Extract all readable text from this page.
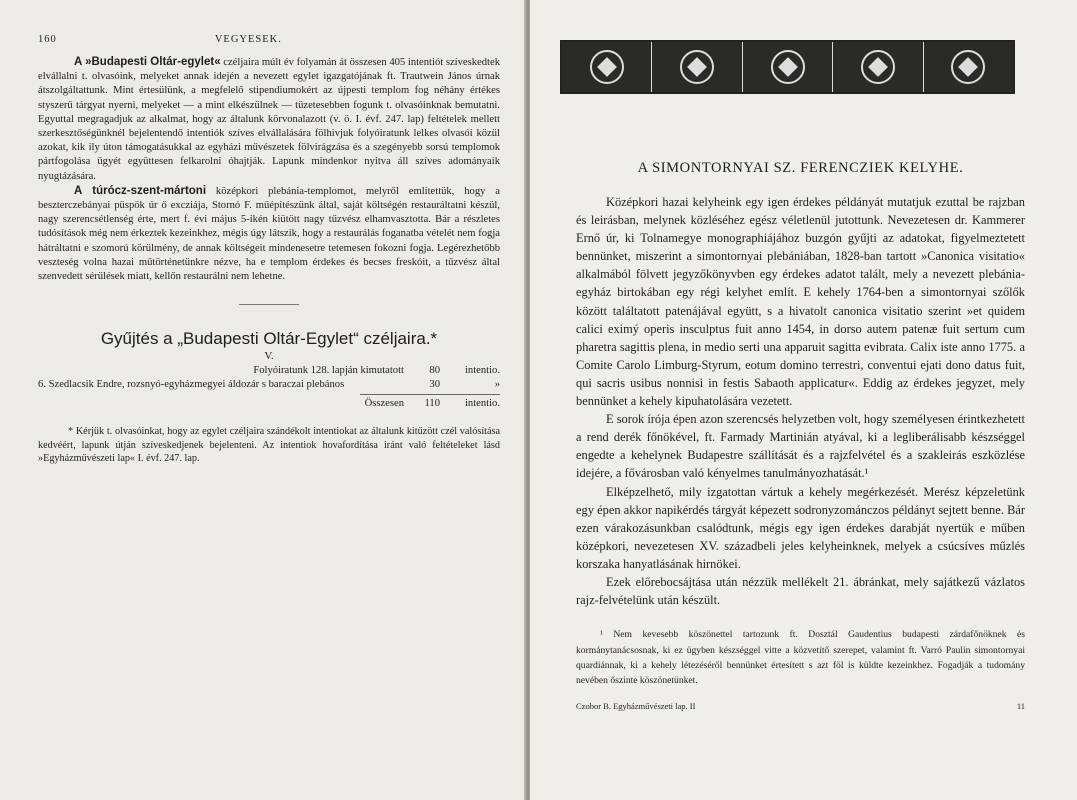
160	VEGYESEK.

A »Budapesti Oltár-egylet« czéljaira múlt év folyamán át összesen 405 intentiót szíveskedtek elvállalni t. olvasóink, melyeket annak idején a nevezett egylet igazgatójának ft. Trautwein János úrnak átszolgáltattunk. Mint értesülünk, a megfelelő stipendiumokért az újpesti templom fog néhány értékes styszerű tárgyat nyerni, melyeket — a mint elkészülnek — tüzetesebben fogunk t. olvasóinknak bemutatni. Egyuttal megragadjuk az alkalmat, hogy az általunk körvonalazott (v. ö. I. évf. 247. lap) feltételek mellett szerkesztőségünknél bejelentendő intentiók szíves elvállalására fölhivjuk folyóiratunk lelkes olvasói közül azokat, kik ily úton támogatásukkal az egyházi művészetek fölvirágzása és a szegényebb sorsú templomok pártfogolása ügyét együttesen felkarolni óhajtják. Lapunk mindenkor nyitva áll szíves adományaik nyugtázására.

A túrócz-szent-mártoni középkori plebánia-templomot, melyről említettük, hogy a beszterczebányai püspök úr ő excziája, Stornó F. műépítészünk által, saját költségén restauráltatni készül, nagy szerencsétlenség érte, mert f. évi május 5-ikén kiütött nagy tűzvész elhamvasztotta. Bár a részletes tudósítások még nem érkeztek kezeinkhez, mégis úgy látszik, hogy a restaurálás foganatba vételét nem fogja hátráltatni e szomorú körülmény, de annak költségeit mindenesetre tetemesen fokozni fogja. Legérezhetőbb veszteség volna hazai műtörténetünkre nézve, ha e templom érdekes és becses freskóit, a tűzvész által szenvedett sérülések miatt, kellőn restaurálni nem lehetne.

Gyűjtés a „Budapesti Oltár-Egylet“ czéljaira.*
V.
Folyóiratunk 128. lapján kimutatott	80	intentio.
6. Szedlacsik Endre, rozsnyó-egyházmegyei áldozár s baraczai plebános	30	»
Összesen	110	intentio.

* Kérjük t. olvasóinkat, hogy az egylet czéljaira szándékolt intentiokat az általunk kitűzött czél valósítása kedvéért, lapunk útján szíveskedjenek bejelenteni. Az intentiok hovafordítása iránt való feltételeket lásd »Egyházművészeti lap« I. évf. 247. lap.

A SIMONTORNYAI SZ. FERENCZIEK KELYHE.

Középkori hazai kelyheink egy igen érdekes példányát mutatjuk ezuttal be rajzban és leirásban, melynek közléséhez egész véletlenül jutottunk. Nevezetesen dr. Kammerer Ernő úr, ki Tolnamegye monographiájához buzgón gyűjti az adatokat, figyelmeztetett bennünket, miszerint a simontornyai plebániában, 1828-ban tartott »Canonica visitatio« alkalmából fölvett jegyzőkönyvben egy érdekes adatot talált, mely a nevezett plebánia-egyház birtokában egy régi kelyhet említ. E kehely 1764-ben a simontornyai szőlők között találtatott patenájával együtt, s a hivatolt canonica visitatio szerint »et quidem calici eximý operis insculptus fuit anno 1454, in dorso autem patenæ fuit sertum cum pharetra sagittis plena, in medio serti una apparuit sagitta evibrata. Calix iste anno 1775. a Comite Carolo Limburg-Styrum, eotum domino terrestri, conventui ejati dono datus fuit, qui sacris usibus nonnisi in festis Sabaoth applicatur«. Eddig az érdekes jegyzet, mely bennünket a kehely kipuhatolására vezetett.

E sorok írója épen azon szerencsés helyzetben volt, hogy személyesen érintkezhetett a rend derék főnökével, ft. Farmady Martinián atyával, ki a legliberálisabb készséggel engedte a kehelynek Budapestre szállítását és a rajzfelvétel és a szakleirás eszközlése idejére, a fővárosban való kényelmes tanulmányozhatását.¹

Elképzelhető, mily izgatottan vártuk a kehely megérkezését. Merész képzeletünk egy épen akkor napikérdés tárgyát képezett sodronyzománczos példányt sejtett benne. Bár ezen várakozásunkban csalódtunk, mégis egy igen érdekes darabját nyertük e műben középkori, nevezetesen XV. századbeli jeles kelyheinknek, melyek a csúcsíves műzlés korszaka hanyatlásának hirnökei.

Ezek előrebocsájtása után nézzük mellékelt 21. ábránkat, mely sajátkezű vázlatos rajz-felvételünk után készült.

¹ Nem kevesebb köszönettel tartozunk ft. Dosztál Gaudentius budapesti zárdafőnöknek és kormánytanácsosnak, ki ez ügyben készséggel vitte a közvetítő szerepet, valamint ft. Varró Paulin simontornyai quardiánnak, ki a kehely létezéséről bennünket értesített s azt föl is küldte kezeinkhez. Fogadják a tudomány nevében őszinte köszönetünket.

Czobor B. Egyházművészeti lap. II	11
